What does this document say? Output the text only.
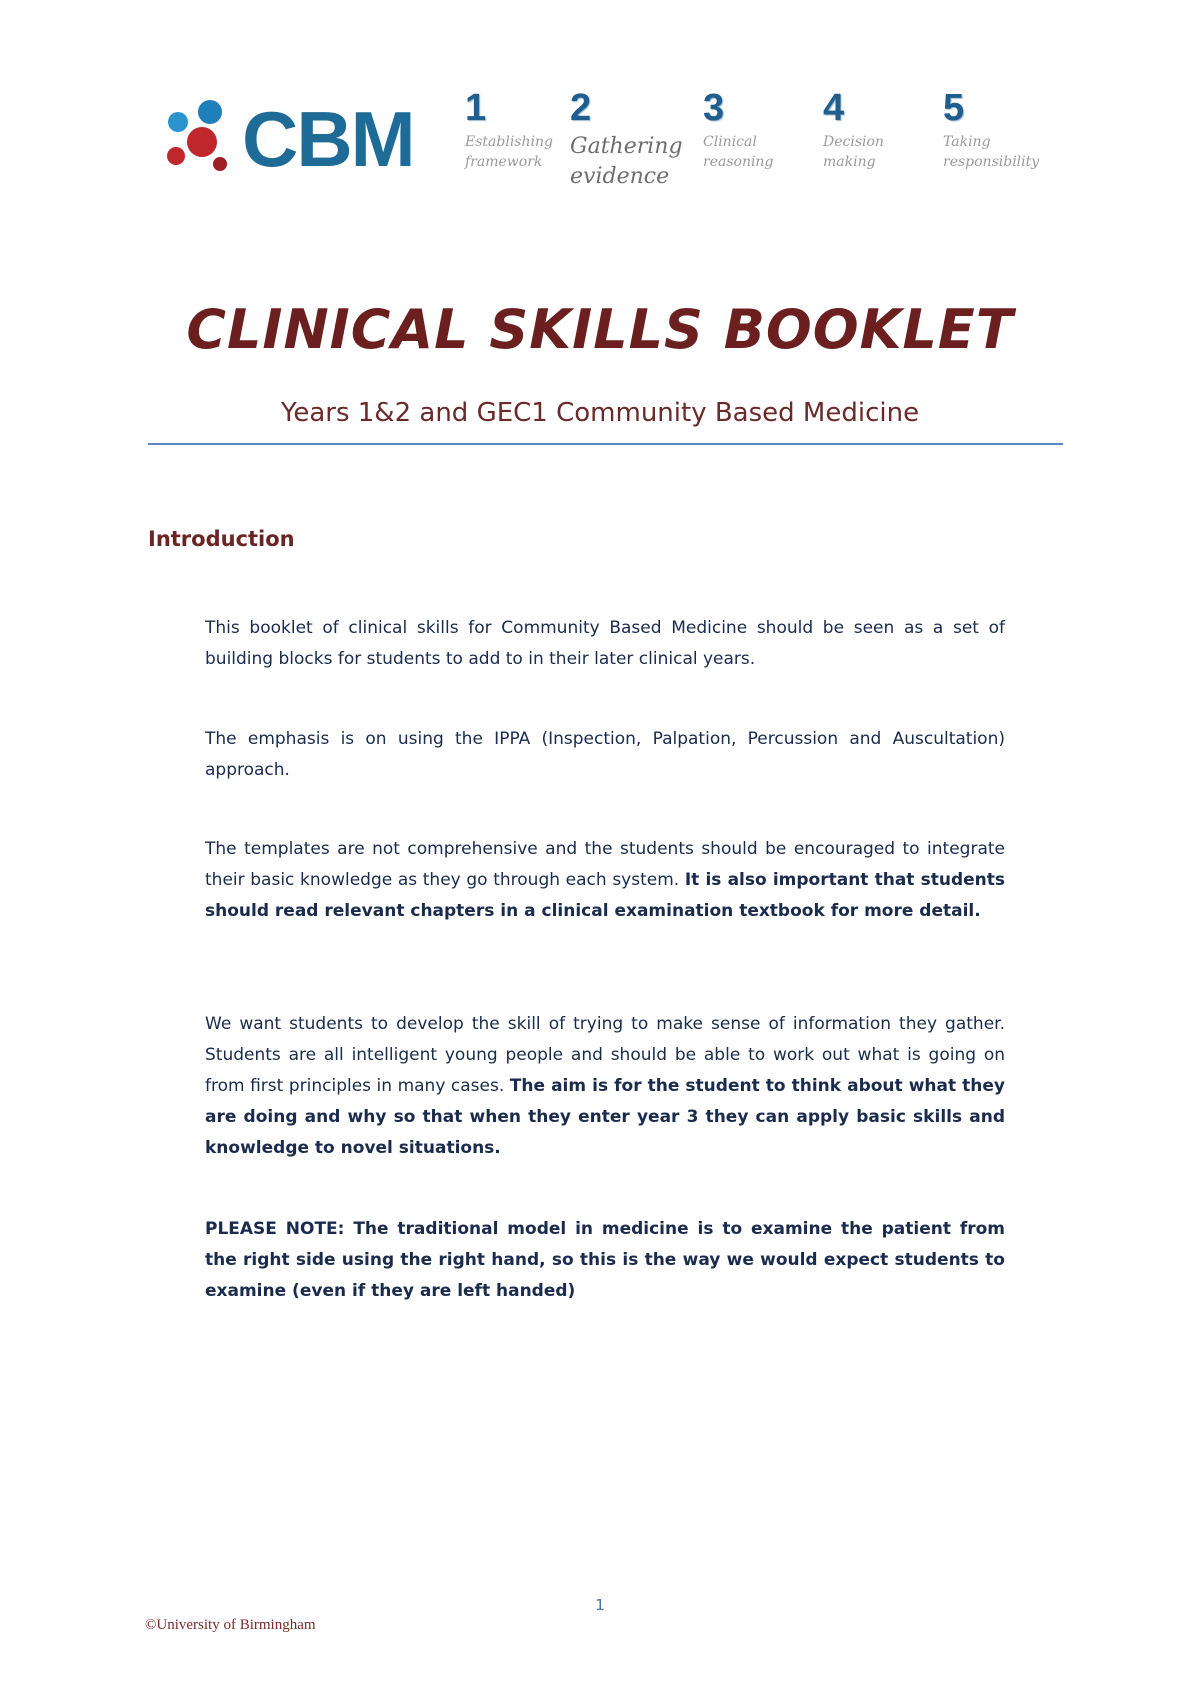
CBM 1
Establishing framework
2
Gathering evidence
3
Clinical reasoning
4
Decision making
5
Taking responsibility
CLINICAL SKILLS BOOKLET
Years 1&2 and GEC1 Community Based Medicine
Introduction

This booklet of clinical skills for Community Based Medicine should be seen as a set of building blocks for students to add to in their later clinical years.

The emphasis is on using the IPPA (Inspection, Palpation, Percussion and Auscultation) approach.

The templates are not comprehensive and the students should be encouraged to integrate their basic knowledge as they go through each system. It is also important that students should read relevant chapters in a clinical examination textbook for more detail.

We want students to develop the skill of trying to make sense of information they gather. Students are all intelligent young people and should be able to work out what is going on from first principles in many cases. The aim is for the student to think about what they are doing and why so that when they enter year 3 they can apply basic skills and knowledge to novel situations.

PLEASE NOTE: The traditional model in medicine is to examine the patient from the right side using the right hand, so this is the way we would expect students to examine (even if they are left handed)

1
©University of Birmingham
